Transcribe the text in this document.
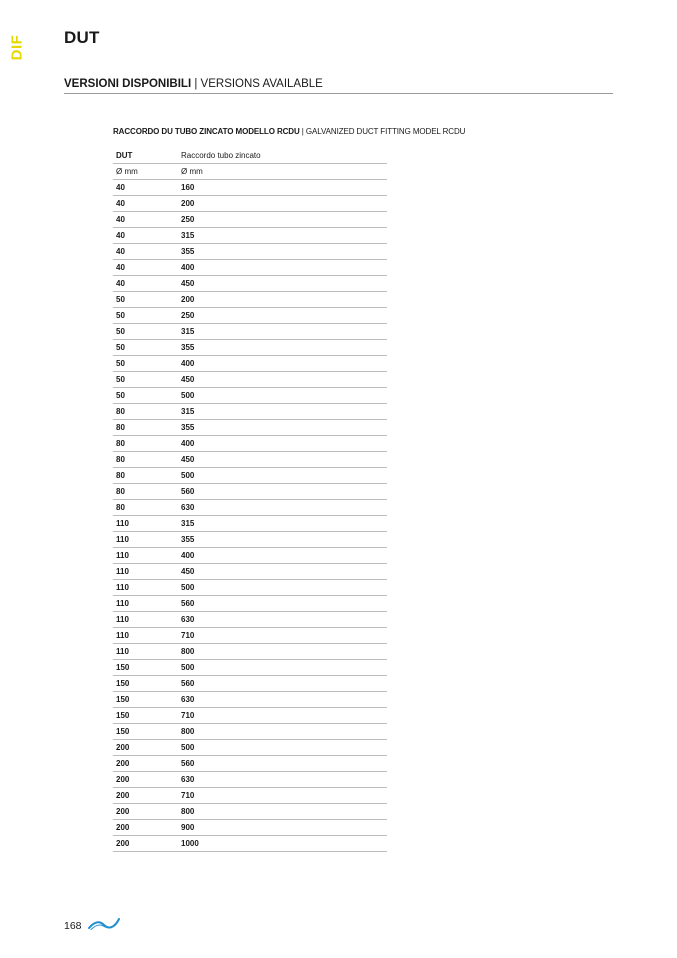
DIF DUT
VERSIONI DISPONIBILI | VERSIONS AVAILABLE
RACCORDO DU TUBO ZINCATO MODELLO RCDU | GALVANIZED DUCT FITTING MODEL RCDU
DUT	Raccordo tubo zincato
Ø mm	Ø mm
40	160
40	200
40	250
40	315
40	355
40	400
40	450
50	200
50	250
50	315
50	355
50	400
50	450
50	500
80	315
80	355
80	400
80	450
80	500
80	560
80	630
110	315
110	355
110	400
110	450
110	500
110	560
110	630
110	710
110	800
150	500
150	560
150	630
150	710
150	800
200	500
200	560
200	630
200	710
200	800
200	900
200	1000
168
